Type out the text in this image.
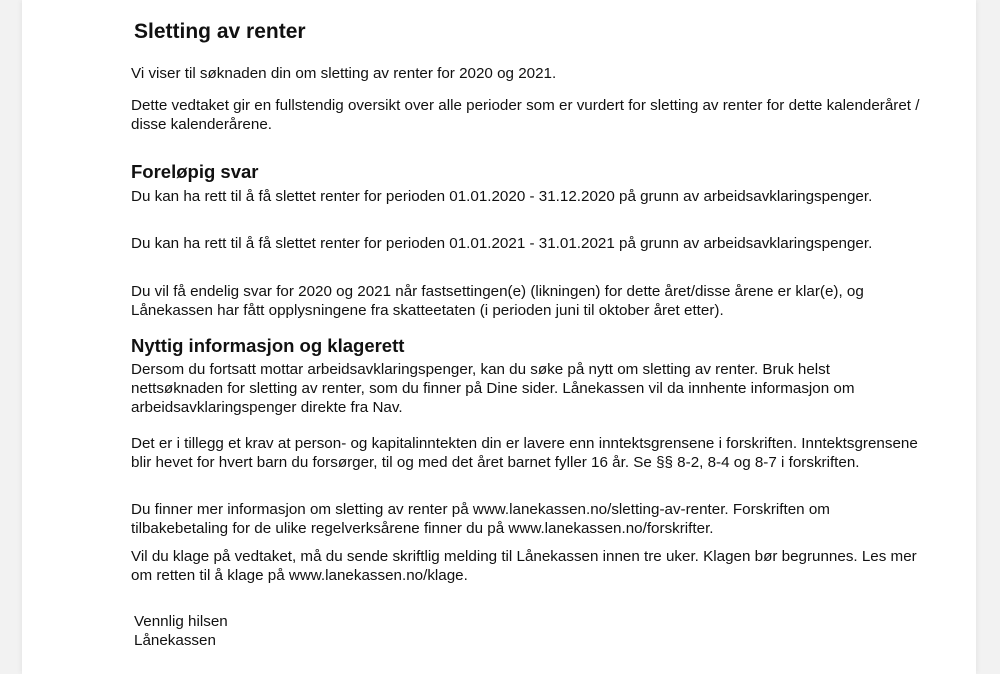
Sletting av renter

Vi viser til søknaden din om sletting av renter for 2020 og 2021.

Dette vedtaket gir en fullstendig oversikt over alle perioder som er vurdert for sletting av renter for dette kalenderåret / disse kalenderårene.

Foreløpig svar

Du kan ha rett til å få slettet renter for perioden 01.01.2020 - 31.12.2020 på grunn av arbeidsavklaringspenger.

Du kan ha rett til å få slettet renter for perioden 01.01.2021 - 31.01.2021 på grunn av arbeidsavklaringspenger.

Du vil få endelig svar for 2020 og 2021 når fastsettingen(e) (likningen) for dette året/disse årene er klar(e), og Lånekassen har fått opplysningene fra skatteetaten (i perioden juni til oktober året etter).

Nyttig informasjon og klagerett

Dersom du fortsatt mottar arbeidsavklaringspenger, kan du søke på nytt om sletting av renter. Bruk helst nettsøknaden for sletting av renter, som du finner på Dine sider. Lånekassen vil da innhente informasjon om arbeidsavklaringspenger direkte fra Nav.

Det er i tillegg et krav at person- og kapitalinntekten din er lavere enn inntektsgrensene i forskriften. Inntektsgrensene blir hevet for hvert barn du forsørger, til og med det året barnet fyller 16 år. Se §§ 8-2, 8-4 og 8-7 i forskriften.

Du finner mer informasjon om sletting av renter på www.lanekassen.no/sletting-av-renter. Forskriften om tilbakebetaling for de ulike regelverksårene finner du på www.lanekassen.no/forskrifter.

Vil du klage på vedtaket, må du sende skriftlig melding til Lånekassen innen tre uker. Klagen bør begrunnes. Les mer om retten til å klage på www.lanekassen.no/klage.

Vennlig hilsen

Lånekassen
